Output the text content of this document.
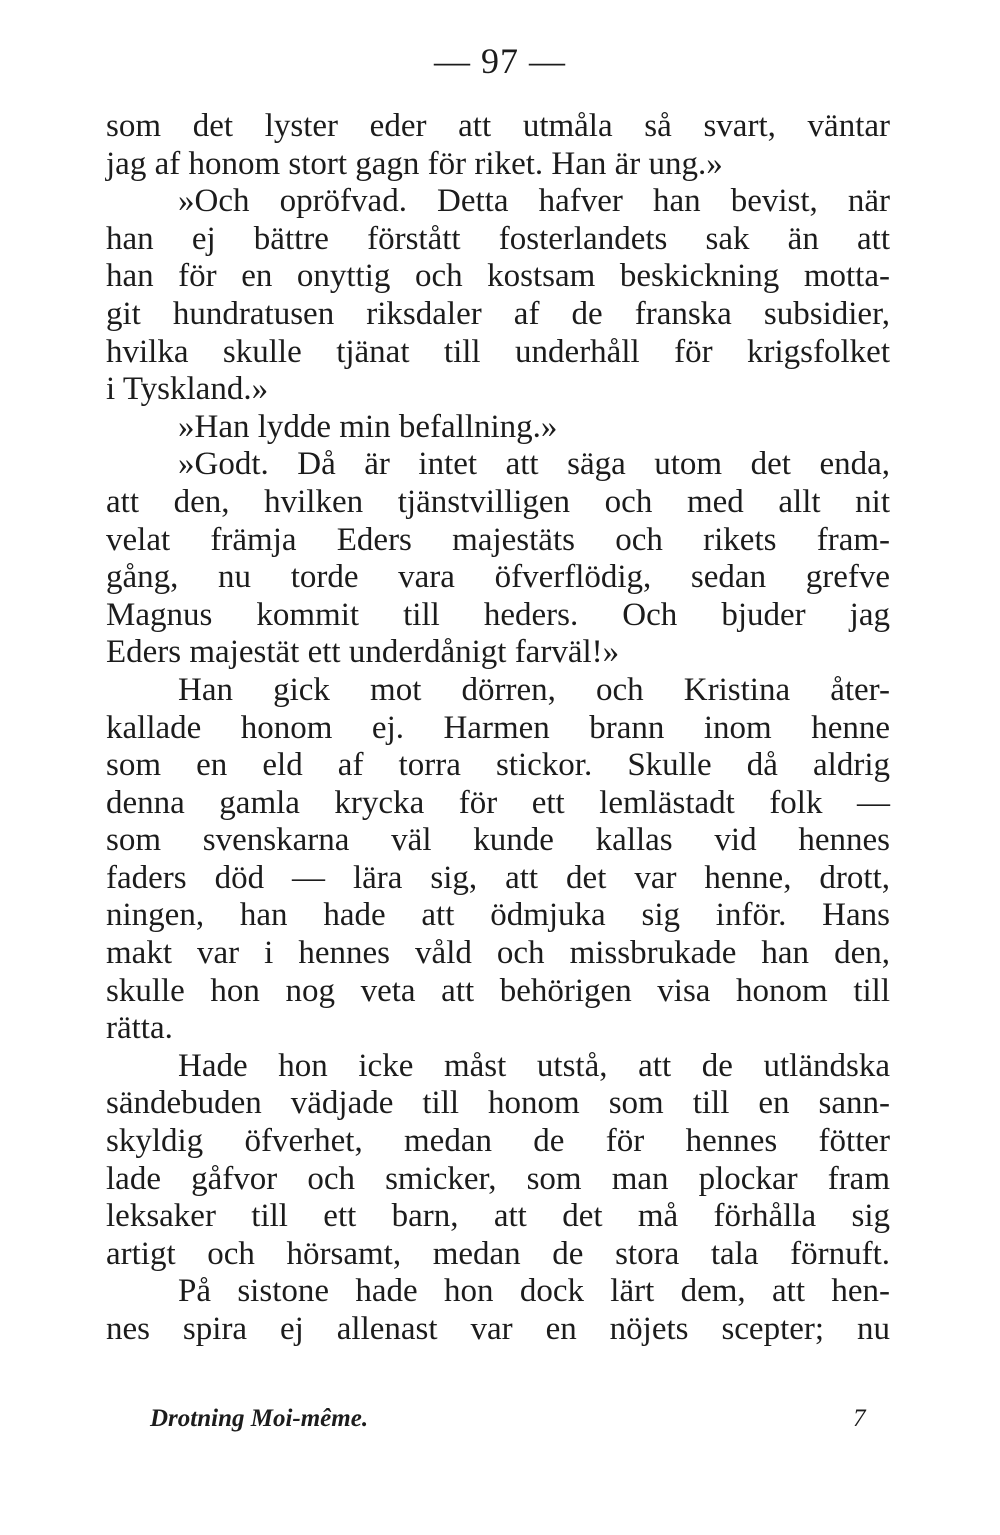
— 97 —
som det lyster eder att utmåla så svart, väntar
jag af honom stort gagn för riket. Han är ung.»
»Och opröfvad. Detta hafver han bevist, när
han ej bättre förstått fosterlandets sak än att
han för en onyttig och kostsam beskickning motta-
git hundratusen riksdaler af de franska subsidier,
hvilka skulle tjänat till underhåll för krigsfolket
i Tyskland.»
»Han lydde min befallning.»
»Godt. Då är intet att säga utom det enda,
att den, hvilken tjänstvilligen och med allt nit
velat främja Eders majestäts och rikets fram-
gång, nu torde vara öfverflödig, sedan grefve
Magnus kommit till heders. Och bjuder jag
Eders majestät ett underdånigt farväl!»
Han gick mot dörren, och Kristina åter-
kallade honom ej. Harmen brann inom henne
som en eld af torra stickor. Skulle då aldrig
denna gamla krycka för ett lemlästadt folk —
som svenskarna väl kunde kallas vid hennes
faders död — lära sig, att det var henne, drott,
ningen, han hade att ödmjuka sig inför. Hans
makt var i hennes våld och missbrukade han den,
skulle hon nog veta att behörigen visa honom till
rätta.
Hade hon icke måst utstå, att de utländska
sändebuden vädjade till honom som till en sann-
skyldig öfverhet, medan de för hennes fötter
lade gåfvor och smicker, som man plockar fram
leksaker till ett barn, att det må förhålla sig
artigt och hörsamt, medan de stora tala förnuft.
På sistone hade hon dock lärt dem, att hen-
nes spira ej allenast var en nöjets scepter; nu
Drotning Moi-même.	7
